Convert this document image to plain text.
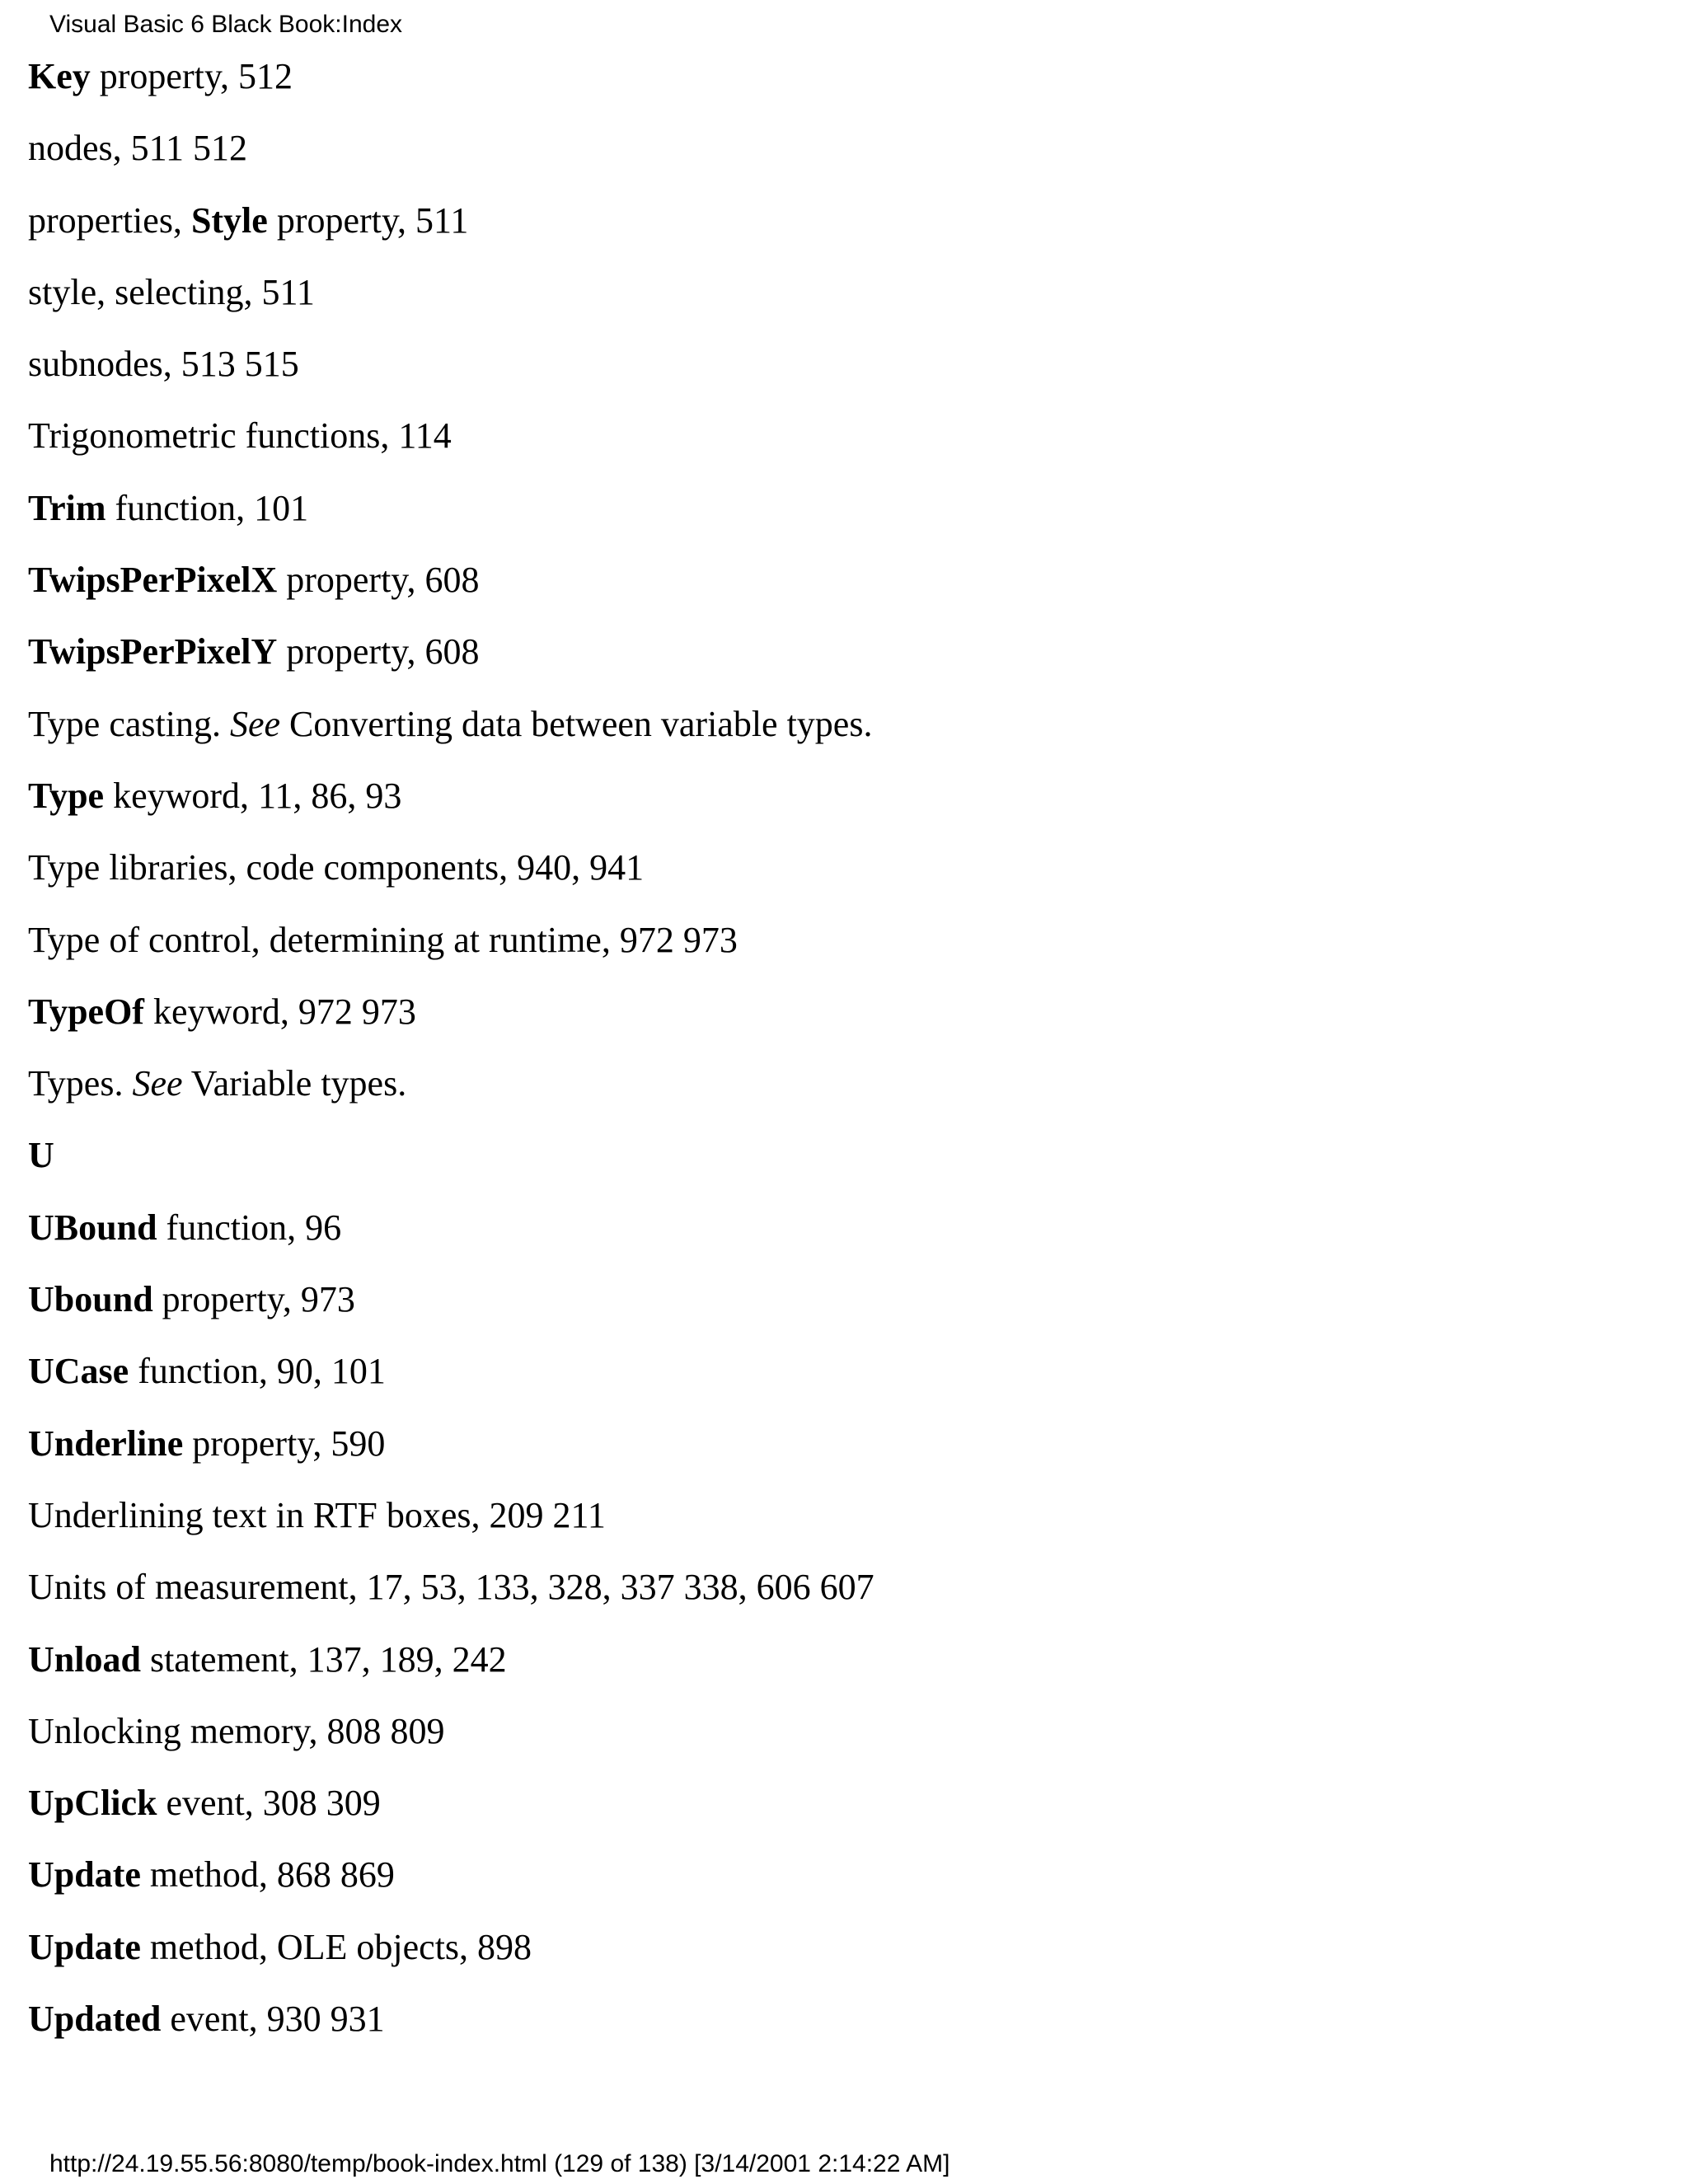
Visual Basic 6 Black Book:Index
Key property, 512
nodes, 511 512
properties, Style property, 511
style, selecting, 511
subnodes, 513 515
Trigonometric functions, 114
Trim function, 101
TwipsPerPixelX property, 608
TwipsPerPixelY property, 608
Type casting. See Converting data between variable types.
Type keyword, 11, 86, 93
Type libraries, code components, 940, 941
Type of control, determining at runtime, 972 973
TypeOf keyword, 972 973
Types. See Variable types.
U
UBound function, 96
Ubound property, 973
UCase function, 90, 101
Underline property, 590
Underlining text in RTF boxes, 209 211
Units of measurement, 17, 53, 133, 328, 337 338, 606 607
Unload statement, 137, 189, 242
Unlocking memory, 808 809
UpClick event, 308 309
Update method, 868 869
Update method, OLE objects, 898
Updated event, 930 931
http://24.19.55.56:8080/temp/book-index.html (129 of 138) [3/14/2001 2:14:22 AM]
